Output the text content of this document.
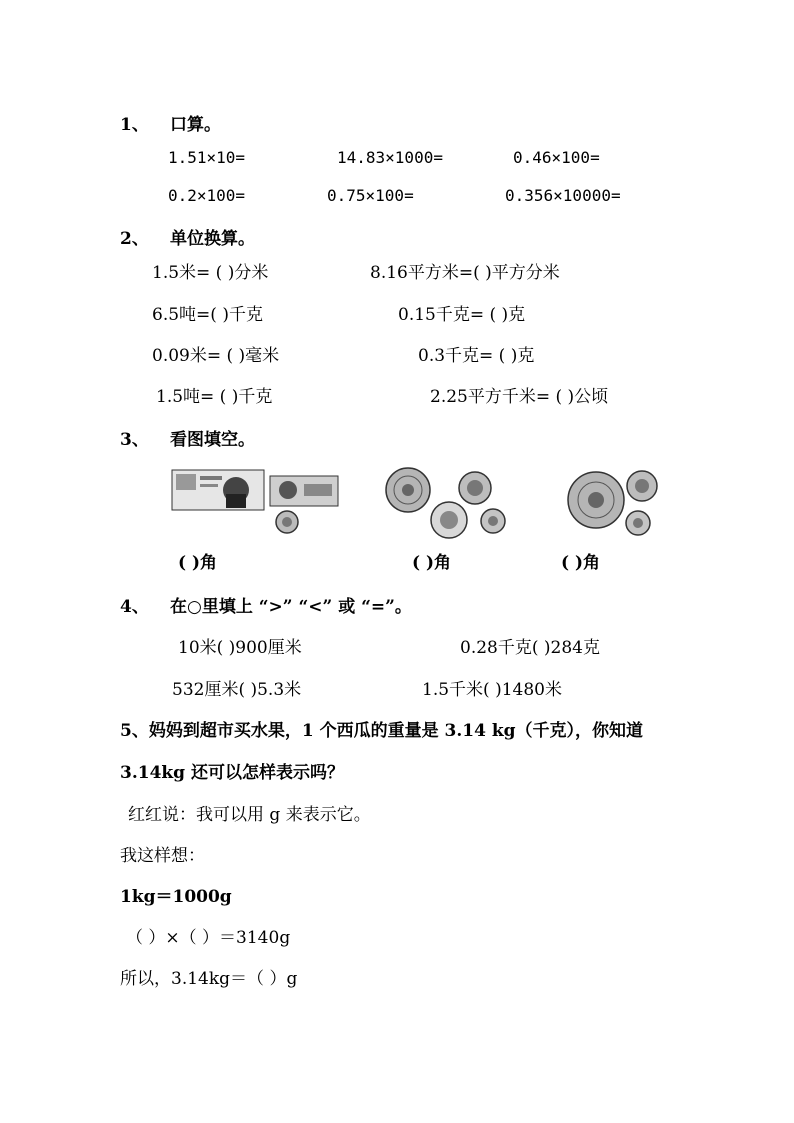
1、 口算。
1.51×10=	14.83×1000=	0.46×100=
0.2×100=	0.75×100=	0.356×10000=
2、 单位换算。
1.5米= ( )分米	8.16平方米=( )平方分米
6.5吨=( )千克	0.15千克= ( )克
0.09米= ( )毫米	0.3千克= ( )克
1.5吨= ( )千克	2.25平方千米= ( )公顷
3、 看图填空。
( )角	( )角	( )角
4、 在○里填上 “>” “<” 或 “=”。
10米( )900厘米	0.28千克( )284克
532厘米( )5.3米	1.5千米( )1480米
5、妈妈到超市买水果，1 个西瓜的重量是 3.14 kg（千克），你知道
3.14kg 还可以怎样表示吗？
红红说：我可以用 g 来表示它。
我这样想：
1kg＝1000g
（ ）×（ ）＝3140g
所以，3.14kg＝（ ）g
